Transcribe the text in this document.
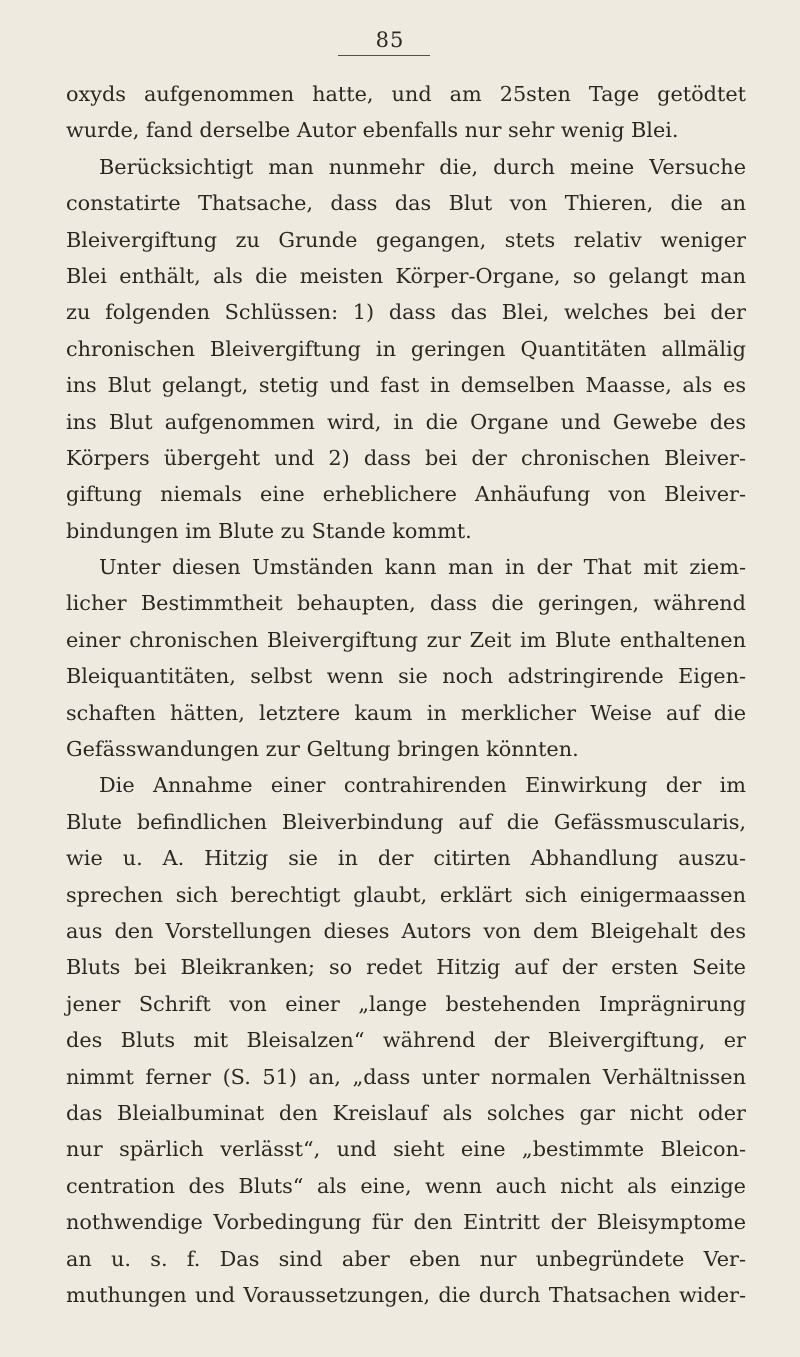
85
oxyds aufgenommen hatte, und am 25sten Tage getödtet
wurde, fand derselbe Autor ebenfalls nur sehr wenig Blei.
Berücksichtigt man nunmehr die, durch meine Versuche
constatirte Thatsache, dass das Blut von Thieren, die an
Bleivergiftung zu Grunde gegangen, stets relativ weniger
Blei enthält, als die meisten Körper-Organe, so gelangt man
zu folgenden Schlüssen: 1) dass das Blei, welches bei der
chronischen Bleivergiftung in geringen Quantitäten allmälig
ins Blut gelangt, stetig und fast in demselben Maasse, als es
ins Blut aufgenommen wird, in die Organe und Gewebe des
Körpers übergeht und 2) dass bei der chronischen Bleiver-
giftung niemals eine erheblichere Anhäufung von Bleiver-
bindungen im Blute zu Stande kommt.
Unter diesen Umständen kann man in der That mit ziem-
licher Bestimmtheit behaupten, dass die geringen, während
einer chronischen Bleivergiftung zur Zeit im Blute enthaltenen
Bleiquantitäten, selbst wenn sie noch adstringirende Eigen-
schaften hätten, letztere kaum in merklicher Weise auf die
Gefässwandungen zur Geltung bringen könnten.
Die Annahme einer contrahirenden Einwirkung der im
Blute befindlichen Bleiverbindung auf die Gefässmuscularis,
wie u. A. Hitzig sie in der citirten Abhandlung auszu-
sprechen sich berechtigt glaubt, erklärt sich einigermaassen
aus den Vorstellungen dieses Autors von dem Bleigehalt des
Bluts bei Bleikranken; so redet Hitzig auf der ersten Seite
jener Schrift von einer „lange bestehenden Imprägnirung
des Bluts mit Bleisalzen“ während der Bleivergiftung, er
nimmt ferner (S. 51) an, „dass unter normalen Verhältnissen
das Bleialbuminat den Kreislauf als solches gar nicht oder
nur spärlich verlässt“, und sieht eine „bestimmte Bleicon-
centration des Bluts“ als eine, wenn auch nicht als einzige
nothwendige Vorbedingung für den Eintritt der Bleisymptome
an u. s. f. Das sind aber eben nur unbegründete Ver-
muthungen und Voraussetzungen, die durch Thatsachen wider-
